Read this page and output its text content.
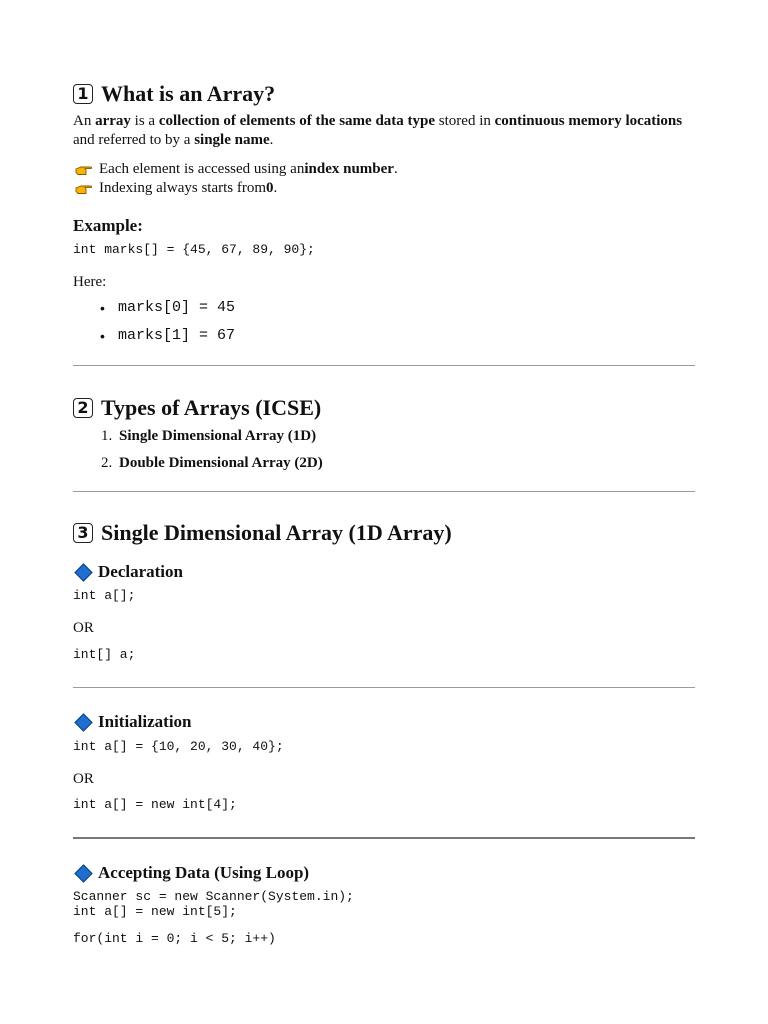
1 What is an Array?

An array is a collection of elements of the same data type stored in continuous memory locations and referred to by a single name.

Each element is accessed using an index number .
Indexing always starts from 0 .
Example:
int marks[] = {45, 67, 89, 90};

Here:

• marks[0] = 45
• marks[1] = 67
2 Types of Arrays (ICSE)
1. Single Dimensional Array (1D)
2. Double Dimensional Array (2D)
3 Single Dimensional Array (1D Array)
Declaration
int a[];

OR

int[] a;
Initialization
int a[] = {10, 20, 30, 40};

OR

int a[] = new int[4];
Accepting Data (Using Loop)
Scanner sc = new Scanner(System.in);
int a[] = new int[5];
for(int i = 0; i < 5; i++)
